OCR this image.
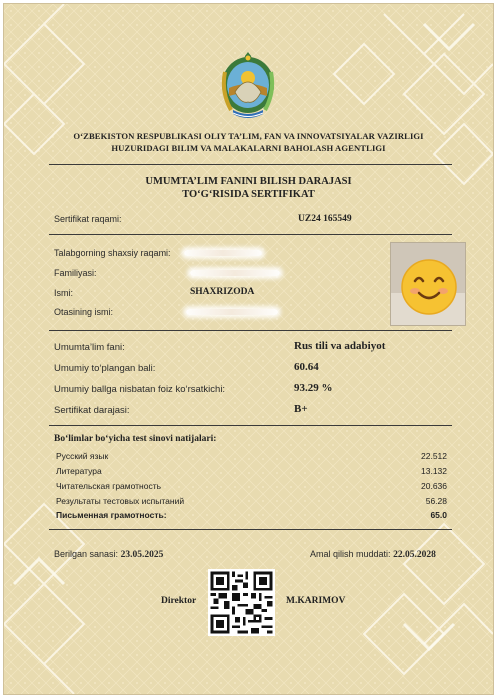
O‘ZBEKISTON RESPUBLIKASI OLIY TA’LIM, FAN VA INNOVATSIYALAR VAZIRLIGI
HUZURIDAGI BILIM VA MALAKALARNI BAHOLASH AGENTLIGI
UMUMTA’LIM FANINI BILISH DARAJASI
TO‘G‘RISIDA SERTIFIKAT
Sertifikat raqami:	UZ24 165549
Talabgorning shaxsiy raqami:
Familiyasi:
Ismi:	SHAXRIZODA
Otasining ismi:
Umumta’lim fani:	Rus tili va adabiyot
Umumiy to‘plangan bali:	60.64
Umumiy ballga nisbatan foiz ko‘rsatkichi:	93.29 %
Sertifikat darajasi:	B+
Bo‘limlar bo‘yicha test sinovi natijalari:
Русский язык	22.512
Литература	13.132
Читательская грамотность	20.636
Результаты тестовых испытаний	56.28
Письменная грамотность:	65.0
Berilgan sanasi: 23.05.2025	Amal qilish muddati: 22.05.2028
Direktor	M.KARIMOV
